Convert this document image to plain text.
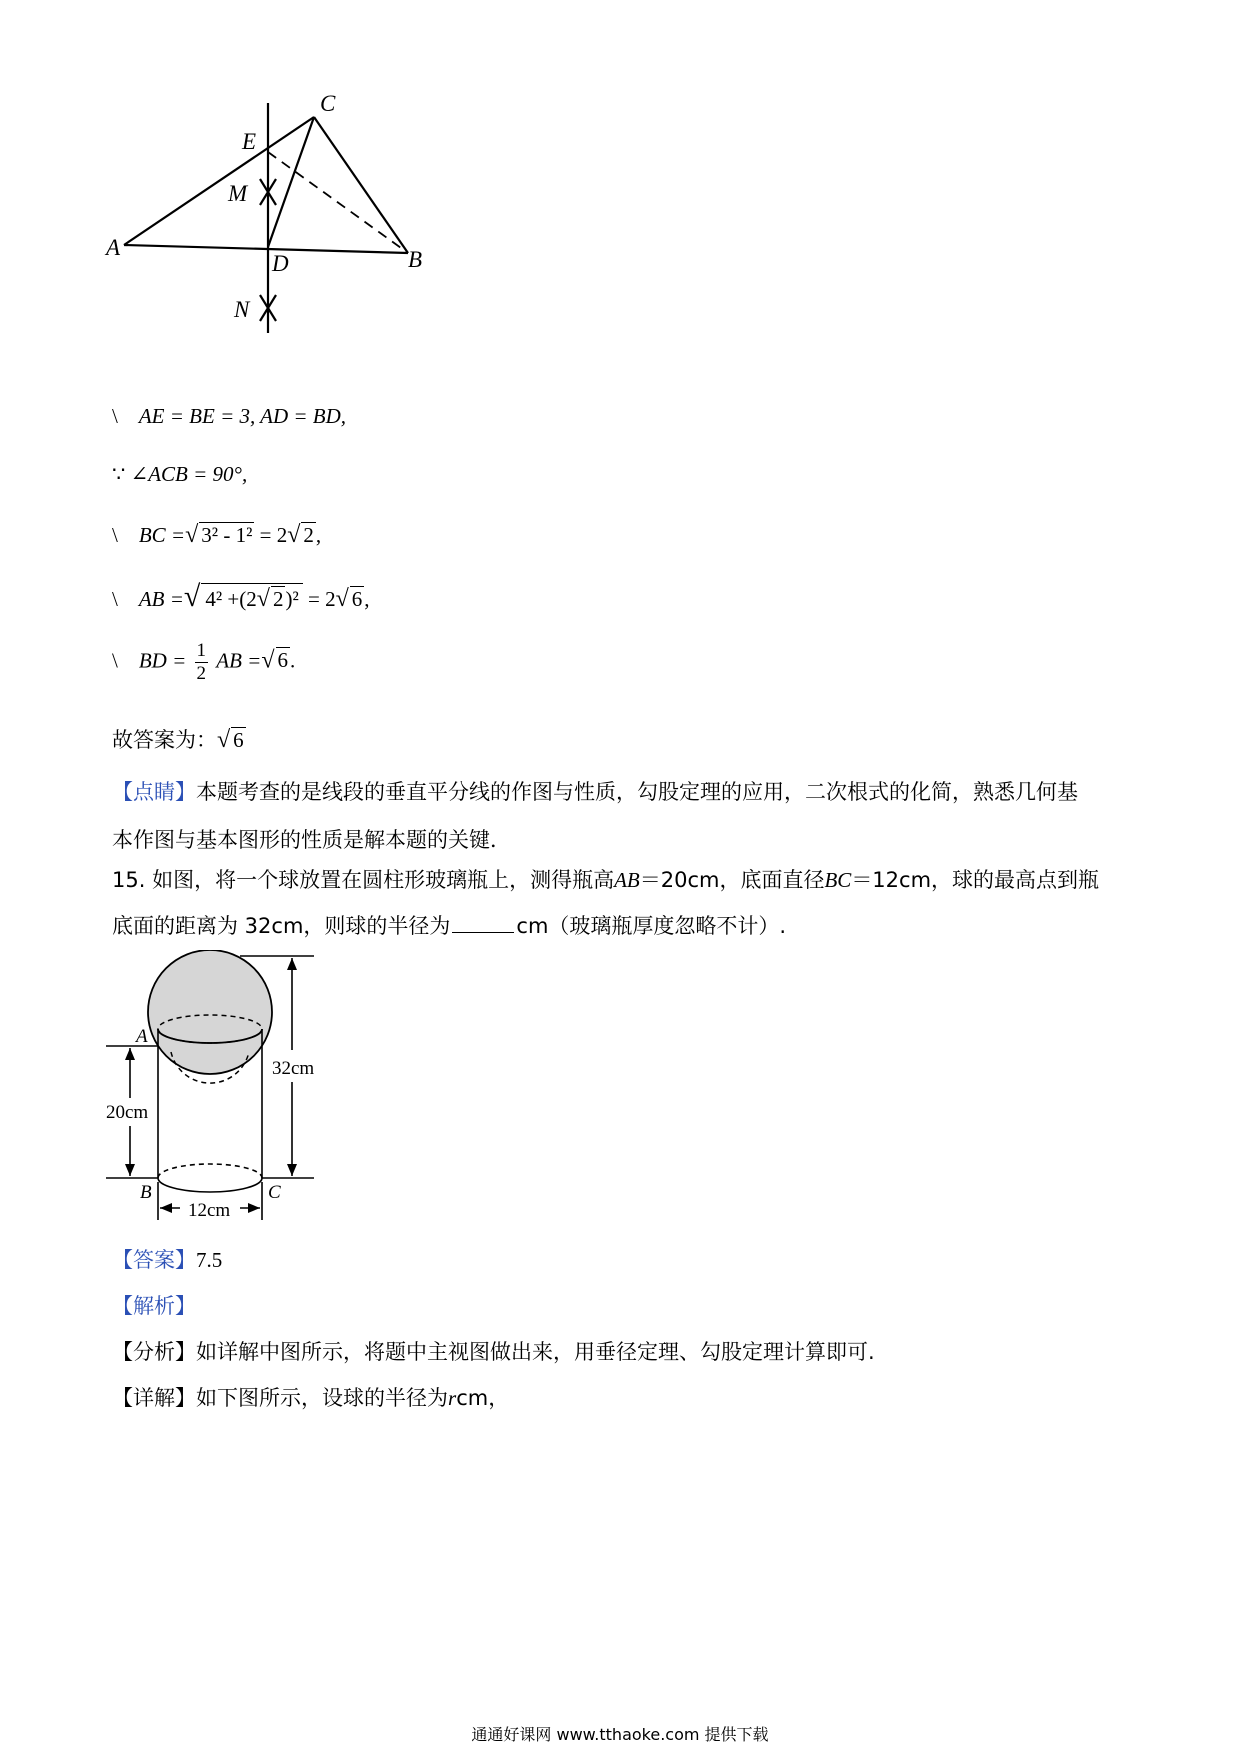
C
E
M
A
D	B
N
\ AE = BE = 3, AD = BD,
∵ ∠ACB = 90°,
\ BC =√ 3² - 1² = 2√ 2,
\ AB =√ 4² +(2√ 2)² = 2√ 6,
\ BD = $\frac{1}{2}$ AB =√ 6.
故答案为：√ 6
【点睛】本题考查的是线段的垂直平分线的作图与性质，勾股定理的应用，二次根式的化简，熟悉几何基
本作图与基本图形的性质是解本题的关键．
15. 如图，将一个球放置在圆柱形玻璃瓶上，测得瓶高AB＝20cm，底面直径BC＝12cm，球的最高点到瓶
底面的距离为 32cm，则球的半径为	cm（玻璃瓶厚度忽略不计）.
A
B	C
20cm
32cm
12cm
【答案】7.5
【解析】
【分析】如详解中图所示，将题中主视图做出来，用垂径定理、勾股定理计算即可.
【详解】如下图所示，设球的半径为rcm，
通通好课网 www.tthaoke.com 提供下载
